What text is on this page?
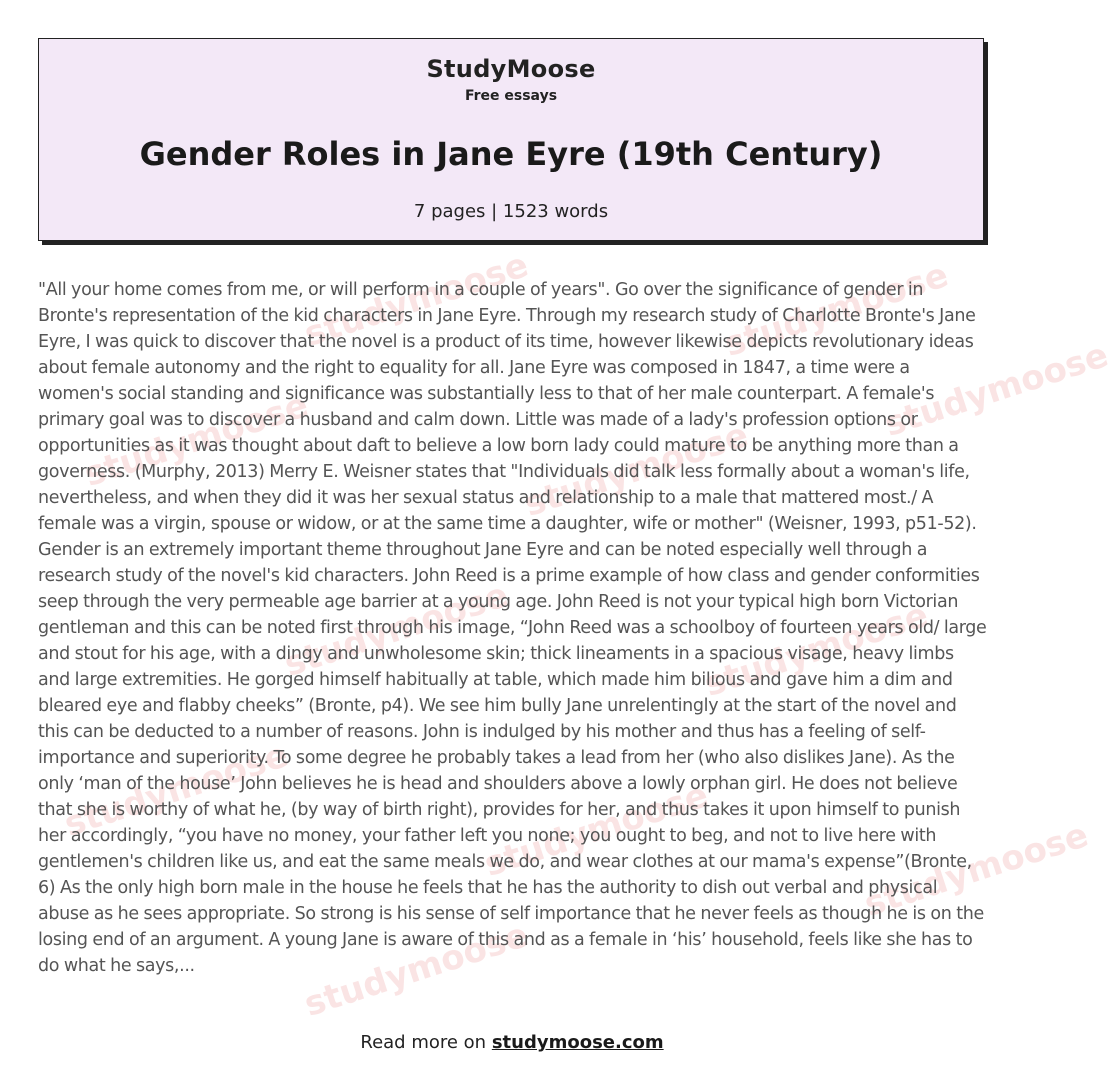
StudyMoose
Free essays
Gender Roles in Jane Eyre (19th Century)
7 pages | 1523 words
studymoose	studymoose
studymoose	studymoose
studymoose
studymoose	studymoose
studymoose	studymoose	studymoose
studymoose

"All your home comes from me, or will perform in a couple of years". Go over the significance of gender in Bronte's representation of the kid characters in Jane Eyre. Through my research study of Charlotte Bronte's Jane Eyre, I was quick to discover that the novel is a product of its time, however likewise depicts revolutionary ideas about female autonomy and the right to equality for all. Jane Eyre was composed in 1847, a time were a women's social standing and significance was substantially less to that of her male counterpart. A female's primary goal was to discover a husband and calm down. Little was made of a lady's profession options or opportunities as it was thought about daft to believe a low born lady could mature to be anything more than a governess. (Murphy, 2013) Merry E. Weisner states that "Individuals did talk less formally about a woman's life, nevertheless, and when they did it was her sexual status and relationship to a male that mattered most./ A female was a virgin, spouse or widow, or at the same time a daughter, wife or mother" (Weisner, 1993, p51-52). Gender is an extremely important theme throughout Jane Eyre and can be noted especially well through a research study of the novel's kid characters. John Reed is a prime example of how class and gender conformities seep through the very permeable age barrier at a young age. John Reed is not your typical high born Victorian gentleman and this can be noted first through his image, “John Reed was a schoolboy of fourteen years old/ large and stout for his age, with a dingy and unwholesome skin; thick lineaments in a spacious visage, heavy limbs and large extremities. He gorged himself habitually at table, which made him bilious and gave him a dim and bleared eye and flabby cheeks” (Bronte, p4). We see him bully Jane unrelentingly at the start of the novel and this can be deducted to a number of reasons. John is indulged by his mother and thus has a feeling of self-importance and superiority. To some degree he probably takes a lead from her (who also dislikes Jane). As the only ‘man of the house’ John believes he is head and shoulders above a lowly orphan girl. He does not believe that she is worthy of what he, (by way of birth right), provides for her, and thus takes it upon himself to punish her accordingly, “you have no money, your father left you none; you ought to beg, and not to live here with gentlemen's children like us, and eat the same meals we do, and wear clothes at our mama's expense”(Bronte, 6) As the only high born male in the house he feels that he has the authority to dish out verbal and physical abuse as he sees appropriate. So strong is his sense of self importance that he never feels as though he is on the losing end of an argument. A young Jane is aware of this and as a female in ‘his’ household, feels like she has to do what he says,...

Read more on studymoose.com
